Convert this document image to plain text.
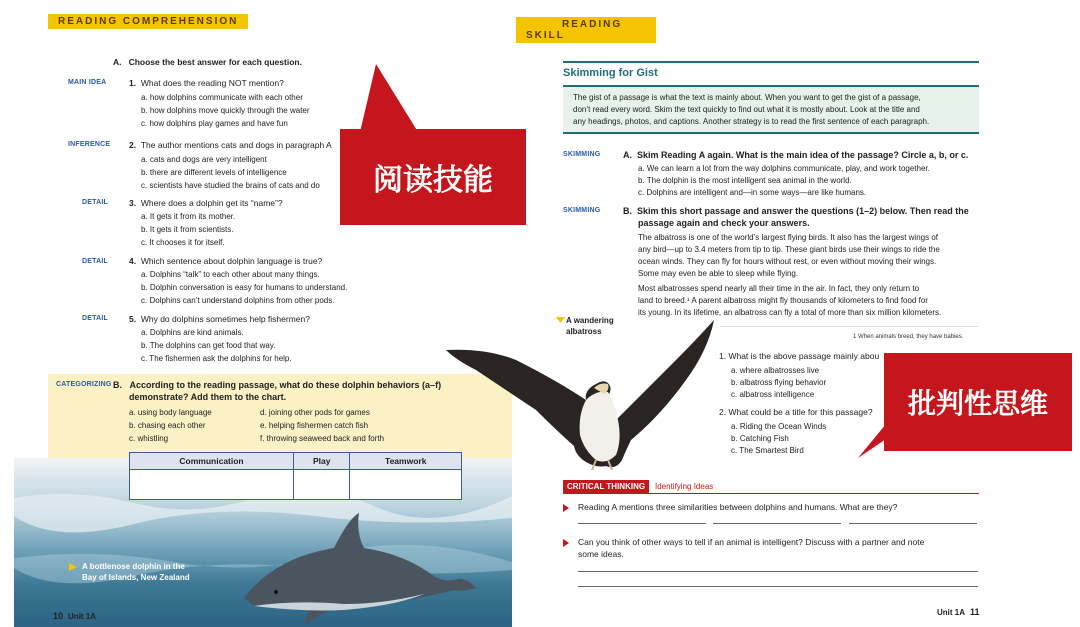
READING COMPREHENSION
A. Choose the best answer for each question.
MAIN IDEA	1. What does the reading NOT mention?
a. how dolphins communicate with each other
b. how dolphins move quickly through the water
c. how dolphins play games and have fun
INFERENCE 2. The author mentions cats and dogs in paragraph A
a. cats and dogs are very intelligent
b. there are different levels of intelligence
c. scientists have studied the brains of cats and do
DETAIL 3. Where does a dolphin get its “name”?
a. It gets it from its mother.
b. It gets it from scientists.
c. It chooses it for itself.
DETAIL 4. Which sentence about dolphin language is true?
a. Dolphins “talk” to each other about many things.
b. Dolphin conversation is easy for humans to understand.
c. Dolphins can’t understand dolphins from other pods.
DETAIL 5. Why do dolphins sometimes help fishermen?
a. Dolphins are kind animals.
b. The dolphins can get food that way.
c. The fishermen ask the dolphins for help.
阅读技能
CATEGORIZING B. According to the reading passage, what do these dolphin behaviors (a–f)
demonstrate? Add them to the chart.
a. using body language
b. chasing each other
c. whistling
d. joining other pods for games
e. helping fishermen catch fish
f. throwing seaweed back and forth
A bottlenose dolphin in the
Bay of Islands, New Zealand
10 Unit 1A
Communication	Play	Teamwork

READING SKILL
Skimming for Gist
The gist of a passage is what the text is mainly about. When you want to get the gist of a passage,
don’t read every word. Skim the text quickly to find out what it is mostly about. Look at the title and
any headings, photos, and captions. Another strategy is to read the first sentence of each paragraph.
SKIMMING	A. Skim Reading A again. What is the main idea of the passage? Circle a, b, or c.
a. We can learn a lot from the way dolphins communicate, play, and work together.
b. The dolphin is the most intelligent sea animal in the world.
c. Dolphins are intelligent and—in some ways—are like humans.
SKIMMING	B. Skim this short passage and answer the questions (1–2) below. Then read the
passage again and check your answers.
The albatross is one of the world’s largest flying birds. It also has the largest wings of
any bird—up to 3.4 meters from tip to tip. These giant birds use their wings to ride the
ocean winds. They can fly for hours without rest, or even without moving their wings.
Some may even be able to sleep while flying.
Most albatrosses spend nearly all their time in the air. In fact, they only return to
land to breed.¹ A parent albatross might fly thousands of kilometers to find food for
its young. In its lifetime, an albatross can fly a total of more than six million kilometers.
1 When animals breed, they have babies.
A wandering
albatross
1. What is the above passage mainly abou
a. where albatrosses live
b. albatross flying behavior
c. albatross intelligence
2. What could be a title for this passage?
a. Riding the Ocean Winds
b. Catching Fish
c. The Smartest Bird
批判性思维
CRITICAL THINKING	Identifying Ideas
Reading A mentions three similarities between dolphins and humans. What are they?
Can you think of other ways to tell if an animal is intelligent? Discuss with a partner and note
some ideas.
Unit 1A 11
